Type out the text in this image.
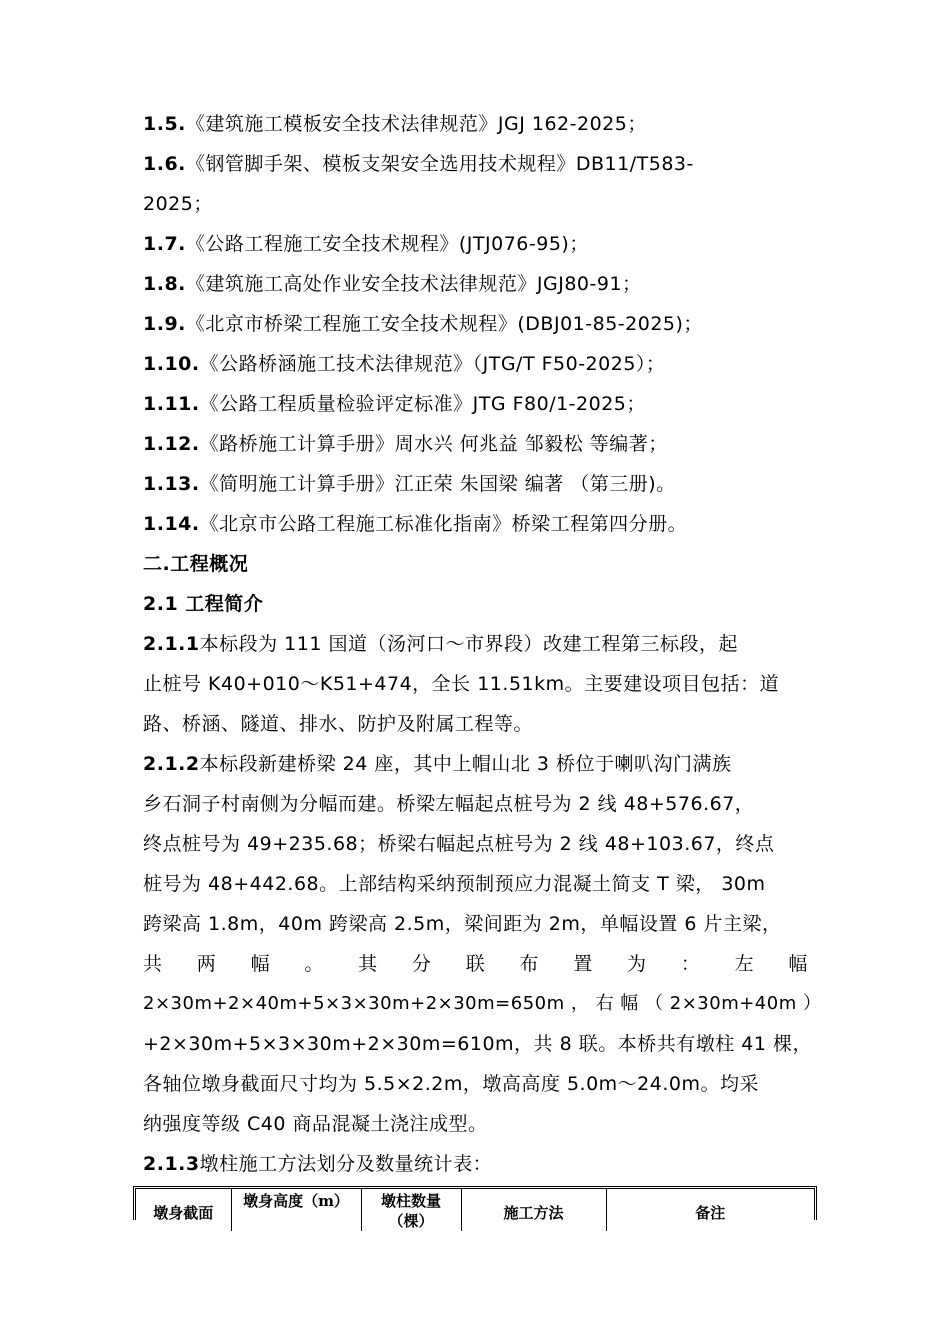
1.5.《建筑施工模板安全技术法律规范》JGJ 162-2025；
1.6.《钢管脚手架、模板支架安全选用技术规程》DB11/T583-
2025；
1.7.《公路工程施工安全技术规程》(JTJ076-95)；
1.8.《建筑施工高处作业安全技术法律规范》JGJ80-91；
1.9.《北京市桥梁工程施工安全技术规程》(DBJ01-85-2025)；
1.10.《公路桥涵施工技术法律规范》（JTG/T F50-2025）；
1.11.《公路工程质量检验评定标准》JTG F80/1-2025；
1.12.《路桥施工计算手册》周水兴 何兆益 邹毅松 等编著；
1.13.《简明施工计算手册》江正荣 朱国梁 编著 （第三册)。
1.14.《北京市公路工程施工标准化指南》桥梁工程第四分册。
二.工程概况
2.1 工程简介
2.1.1本标段为 111 国道（汤河口～市界段）改建工程第三标段，起
止桩号 K40+010～K51+474，全长 11.51km。主要建设项目包括：道
路、桥涵、隧道、排水、防护及附属工程等。
2.1.2本标段新建桥梁 24 座，其中上帽山北 3 桥位于喇叭沟门满族
乡石洞子村南侧为分幅而建。桥梁左幅起点桩号为 2 线 48+576.67，
终点桩号为 49+235.68；桥梁右幅起点桩号为 2 线 48+103.67，终点
桩号为 48+442.68。上部结构采纳预制预应力混凝土简支 T 梁， 30m
跨梁高 1.8m，40m 跨梁高 2.5m，梁间距为 2m，单幅设置 6 片主梁，
共 两 幅 。 其 分 联 布 置 为 ： 左 幅
2×30m+2×40m+5×3×30m+2×30m=650m ， 右 幅 （ 2×30m+40m ）
+2×30m+5×3×30m+2×30m=610m，共 8 联。本桥共有墩柱 41 棵，
各轴位墩身截面尺寸均为 5.5×2.2m，墩高高度 5.0m～24.0m。均采
纳强度等级 C40 商品混凝土浇注成型。
2.1.3墩柱施工方法划分及数量统计表：
墩身截面	墩身高度（m）	墩柱数量（棵）	施工方法	备注
